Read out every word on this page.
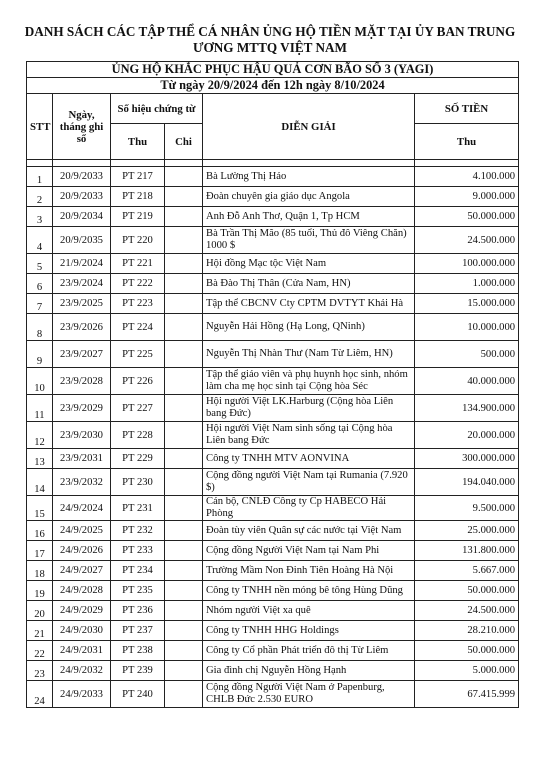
DANH SÁCH CÁC TẬP THỂ CÁ NHÂN ỦNG HỘ TIỀN MẶT TẠI ỦY BAN TRUNG
ƯƠNG MTTQ VIỆT NAM
ỦNG HỘ KHẮC PHỤC HẬU QUẢ CƠN BÃO SỐ 3 (YAGI)					
Từ ngày 20/9/2024 đến 12h ngày 8/10/2024					
STT	Ngày, tháng ghi sổ	Số hiệu chứng từ		DIỄN GIẢI	SỐ TIỀN
		Thu	Chi		Thu

1	20/9/2033	PT 217		Bà Lường Thị Hảo	4.100.000
2	20/9/2033	PT 218		Đoàn chuyên gia giáo dục Angola	9.000.000
3	20/9/2034	PT 219		Anh Đỗ Anh Thơ, Quận 1, Tp HCM	50.000.000
4	20/9/2035	PT 220		Bà Trần Thị Mão (85 tuổi, Thủ đô Viêng Chăn) 1000 $	24.500.000
5	21/9/2024	PT 221		Hội đồng Mạc tộc Việt Nam	100.000.000
6	23/9/2024	PT 222		Bà Đào Thị Thân (Cửa Nam, HN)	1.000.000
7	23/9/2025	PT 223		Tập thể CBCNV Cty CPTM DVTYT Khải Hà	15.000.000
8	23/9/2026	PT 224		Nguyễn Hải Hồng (Hạ Long, QNinh)	10.000.000
9	23/9/2027	PT 225		Nguyễn Thị Nhàn Thư (Nam Từ Liêm, HN)	500.000
10	23/9/2028	PT 226		Tập thể giáo viên và phụ huynh học sinh, nhóm làm cha mẹ học sinh tại Cộng hòa Séc	40.000.000
11	23/9/2029	PT 227		Hội người Việt LK.Harburg (Cộng hòa Liên bang Đức)	134.900.000
12	23/9/2030	PT 228		Hội người Việt Nam sinh sống tại Cộng hòa Liên bang Đức	20.000.000
13	23/9/2031	PT 229		Công ty TNHH MTV AONVINA	300.000.000
14	23/9/2032	PT 230		Cộng đồng người Việt Nam tại Rumania (7.920 $)	194.040.000
15	24/9/2024	PT 231		Cán bộ, CNLĐ Công ty Cp HABECO Hải Phòng	9.500.000
16	24/9/2025	PT 232		Đoàn tùy viên Quân sự các nước tại Việt Nam	25.000.000
17	24/9/2026	PT 233		Cộng đồng Người Việt Nam tại Nam Phi	131.800.000
18	24/9/2027	PT 234		Trường Mầm Non Đinh Tiên Hoàng Hà Nội	5.667.000
19	24/9/2028	PT 235		Công ty TNHH nền móng bê tông Hùng Dũng	50.000.000
20	24/9/2029	PT 236		Nhóm người Việt xa quê	24.500.000
21	24/9/2030	PT 237		Công ty TNHH HHG Holdings	28.210.000
22	24/9/2031	PT 238		Công ty Cổ phần Phát triển đô thị Từ Liêm	50.000.000
23	24/9/2032	PT 239		Gia đình chị Nguyễn Hồng Hạnh	5.000.000
24	24/9/2033	PT 240		Cộng đồng Người Việt Nam ở Papenburg, CHLB Đức 2.530 EURO	67.415.999
